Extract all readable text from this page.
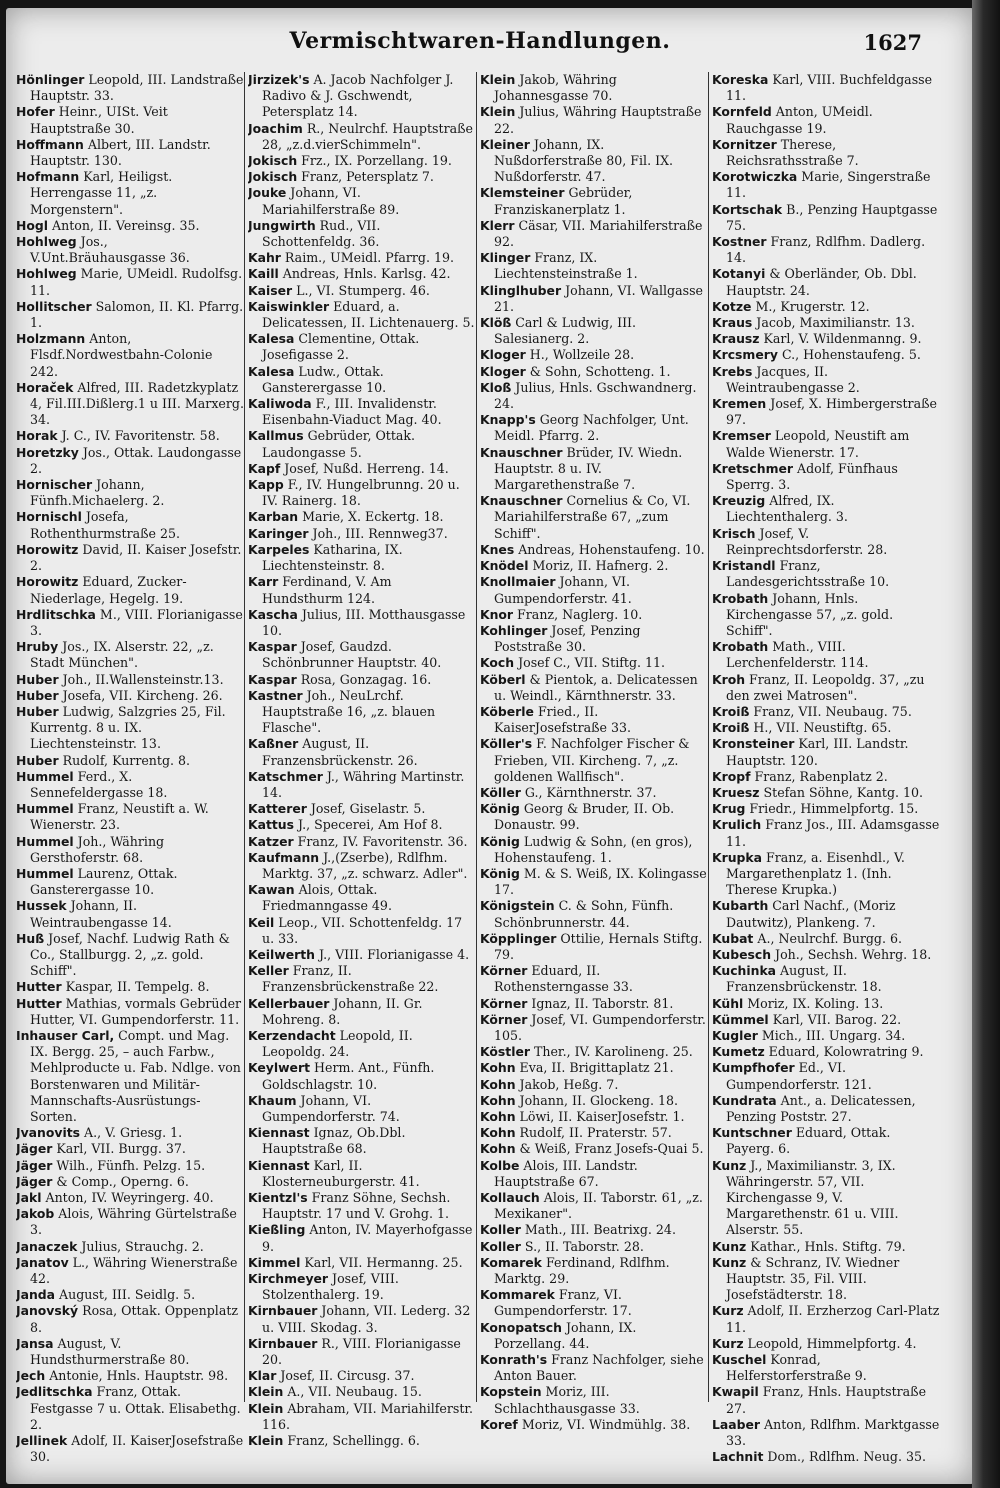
Vermischtwaren-Handlungen.	1627

Hönlinger Leopold, III. Landstraße Hauptstr. 33.

Hofer Heinr., UISt. Veit Hauptstraße 30.

Hoffmann Albert, III. Landstr. Hauptstr. 130.

Hofmann Karl, Heiligst. Herrengasse 11, „z. Morgenstern".

Hogl Anton, II. Vereinsg. 35.

Hohlweg Jos., V.Unt.Bräuhausgasse 36.

Hohlweg Marie, UMeidl. Rudolfsg. 11.

Hollitscher Salomon, II. Kl. Pfarrg. 1.

Holzmann Anton, Flsdf.Nordwestbahn-Colonie 242.

Horaček Alfred, III. Radetzkyplatz 4, Fil.III.Dißlerg.1 u III. Marxerg. 34.

Horak J. C., IV. Favoritenstr. 58.

Horetzky Jos., Ottak. Laudongasse 2.

Hornischer Johann, Fünfh.Michaelerg. 2.

Hornischl Josefa, Rothenthurmstraße 25.

Horowitz David, II. Kaiser Josefstr. 2.

Horowitz Eduard, Zucker-Niederlage, Hegelg. 19.

Hrdlitschka M., VIII. Florianigasse 3.

Hruby Jos., IX. Alserstr. 22, „z. Stadt München".

Huber Joh., II.Wallensteinstr.13.

Huber Josefa, VII. Kircheng. 26.

Huber Ludwig, Salzgries 25, Fil. Kurrentg. 8 u. IX. Liechtensteinstr. 13.

Huber Rudolf, Kurrentg. 8.

Hummel Ferd., X. Sennefeldergasse 18.

Hummel Franz, Neustift a. W. Wienerstr. 23.

Hummel Joh., Währing Gersthoferstr. 68.

Hummel Laurenz, Ottak. Gansterergasse 10.

Hussek Johann, II. Weintraubengasse 14.

Huß Josef, Nachf. Ludwig Rath & Co., Stallburgg. 2, „z. gold. Schiff".

Hutter Kaspar, II. Tempelg. 8.

Hutter Mathias, vormals Gebrüder Hutter, VI. Gumpendorferstr. 11.

Inhauser Carl, Compt. und Mag. IX. Bergg. 25, – auch Farbw., Mehlproducte u. Fab. Ndlge. von Borstenwaren und Militär-Mannschafts-Ausrüstungs-Sorten.

Jvanovits A., V. Griesg. 1.

Jäger Karl, VII. Burgg. 37.

Jäger Wilh., Fünfh. Pelzg. 15.

Jäger & Comp., Operng. 6.

Jakl Anton, IV. Weyringerg. 40.

Jakob Alois, Währing Gürtelstraße 3.

Janaczek Julius, Strauchg. 2.

Janatov L., Währing Wienerstraße 42.

Janda August, III. Seidlg. 5.

Janovský Rosa, Ottak. Oppenplatz 8.

Jansa August, V. Hundsthurmerstraße 80.

Jech Antonie, Hnls. Hauptstr. 98.

Jedlitschka Franz, Ottak. Festgasse 7 u. Ottak. Elisabethg. 2.

Jellinek Adolf, II. KaiserJosefstraße 30.

Jirzizek's A. Jacob Nachfolger J. Radivo & J. Gschwendt, Petersplatz 14.

Joachim R., Neulrchf. Hauptstraße 28, „z.d.vierSchimmeln".

Jokisch Frz., IX. Porzellang. 19.

Jokisch Franz, Petersplatz 7.

Jouke Johann, VI. Mariahilferstraße 89.

Jungwirth Rud., VII. Schottenfeldg. 36.

Kahr Raim., UMeidl. Pfarrg. 19.

Kaill Andreas, Hnls. Karlsg. 42.

Kaiser L., VI. Stumperg. 46.

Kaiswinkler Eduard, a. Delicatessen, II. Lichtenauerg. 5.

Kalesa Clementine, Ottak. Josefigasse 2.

Kalesa Ludw., Ottak. Gansterergasse 10.

Kaliwoda F., III. Invalidenstr. Eisenbahn-Viaduct Mag. 40.

Kallmus Gebrüder, Ottak. Laudongasse 5.

Kapf Josef, Nußd. Herreng. 14.

Kapp F., IV. Hungelbrunng. 20 u. IV. Rainerg. 18.

Karban Marie, X. Eckertg. 18.

Karinger Joh., III. Rennweg37.

Karpeles Katharina, IX. Liechtensteinstr. 8.

Karr Ferdinand, V. Am Hundsthurm 124.

Kascha Julius, III. Motthausgasse 10.

Kaspar Josef, Gaudzd. Schönbrunner Hauptstr. 40.

Kaspar Rosa, Gonzagag. 16.

Kastner Joh., NeuLrchf. Hauptstraße 16, „z. blauen Flasche".

Kaßner August, II. Franzensbrückenstr. 26.

Katschmer J., Währing Martinstr. 14.

Katterer Josef, Giselastr. 5.

Kattus J., Specerei, Am Hof 8.

Katzer Franz, IV. Favoritenstr. 36.

Kaufmann J.,(Zserbe), Rdlfhm. Marktg. 37, „z. schwarz. Adler".

Kawan Alois, Ottak. Friedmanngasse 49.

Keil Leop., VII. Schottenfeldg. 17 u. 33.

Keilwerth J., VIII. Florianigasse 4.

Keller Franz, II. Franzensbrückenstraße 22.

Kellerbauer Johann, II. Gr. Mohreng. 8.

Kerzendacht Leopold, II. Leopoldg. 24.

Keylwert Herm. Ant., Fünfh. Goldschlagstr. 10.

Khaum Johann, VI. Gumpendorferstr. 74.

Kiennast Ignaz, Ob.Dbl. Hauptstraße 68.

Kiennast Karl, II. Klosterneuburgerstr. 41.

Kientzl's Franz Söhne, Sechsh. Hauptstr. 17 und V. Grohg. 1.

Kießling Anton, IV. Mayerhofgasse 9.

Kimmel Karl, VII. Hermanng. 25.

Kirchmeyer Josef, VIII. Stolzenthalerg. 19.

Kirnbauer Johann, VII. Lederg. 32 u. VIII. Skodag. 3.

Kirnbauer R., VIII. Florianigasse 20.

Klar Josef, II. Circusg. 37.

Klein A., VII. Neubaug. 15.

Klein Abraham, VII. Mariahilferstr. 116.

Klein Franz, Schellingg. 6.

Klein Jakob, Währing Johannesgasse 70.

Klein Julius, Währing Hauptstraße 22.

Kleiner Johann, IX. Nußdorferstraße 80, Fil. IX. Nußdorferstr. 47.

Klemsteiner Gebrüder, Franziskanerplatz 1.

Klerr Cäsar, VII. Mariahilferstraße 92.

Klinger Franz, IX. Liechtensteinstraße 1.

Klinglhuber Johann, VI. Wallgasse 21.

Klöß Carl & Ludwig, III. Salesianerg. 2.

Kloger H., Wollzeile 28.

Kloger & Sohn, Schotteng. 1.

Kloß Julius, Hnls. Gschwandnerg. 24.

Knapp's Georg Nachfolger, Unt. Meidl. Pfarrg. 2.

Knauschner Brüder, IV. Wiedn. Hauptstr. 8 u. IV. Margarethenstraße 7.

Knauschner Cornelius & Co, VI. Mariahilferstraße 67, „zum Schiff".

Knes Andreas, Hohenstaufeng. 10.

Knödel Moriz, II. Hafnerg. 2.

Knollmaier Johann, VI. Gumpendorferstr. 41.

Knor Franz, Naglerg. 10.

Kohlinger Josef, Penzing Poststraße 30.

Koch Josef C., VII. Stiftg. 11.

Köberl & Pientok, a. Delicatessen u. Weindl., Kärnthnerstr. 33.

Köberle Fried., II. KaiserJosefstraße 33.

Köller's F. Nachfolger Fischer & Frieben, VII. Kircheng. 7, „z. goldenen Wallfisch".

Köller G., Kärnthnerstr. 37.

König Georg & Bruder, II. Ob. Donaustr. 99.

König Ludwig & Sohn, (en gros), Hohenstaufeng. 1.

König M. & S. Weiß, IX. Kolingasse 17.

Königstein C. & Sohn, Fünfh. Schönbrunnerstr. 44.

Köpplinger Ottilie, Hernals Stiftg. 79.

Körner Eduard, II. Rothensterngasse 33.

Körner Ignaz, II. Taborstr. 81.

Körner Josef, VI. Gumpendorferstr. 105.

Köstler Ther., IV. Karolineng. 25.

Kohn Eva, II. Brigittaplatz 21.

Kohn Jakob, Heßg. 7.

Kohn Johann, II. Glockeng. 18.

Kohn Löwi, II. KaiserJosefstr. 1.

Kohn Rudolf, II. Praterstr. 57.

Kohn & Weiß, Franz Josefs-Quai 5.

Kolbe Alois, III. Landstr. Hauptstraße 67.

Kollauch Alois, II. Taborstr. 61, „z. Mexikaner".

Koller Math., III. Beatrixg. 24.

Koller S., II. Taborstr. 28.

Komarek Ferdinand, Rdlfhm. Marktg. 29.

Kommarek Franz, VI. Gumpendorferstr. 17.

Konopatsch Johann, IX. Porzellang. 44.

Konrath's Franz Nachfolger, siehe Anton Bauer.

Kopstein Moriz, III. Schlachthausgasse 33.

Koref Moriz, VI. Windmühlg. 38.

Koreska Karl, VIII. Buchfeldgasse 11.

Kornfeld Anton, UMeidl. Rauchgasse 19.

Kornitzer Therese, Reichsrathsstraße 7.

Korotwiczka Marie, Singerstraße 11.

Kortschak B., Penzing Hauptgasse 75.

Kostner Franz, Rdlfhm. Dadlerg. 14.

Kotanyi & Oberländer, Ob. Dbl. Hauptstr. 24.

Kotze M., Krugerstr. 12.

Kraus Jacob, Maximilianstr. 13.

Krausz Karl, V. Wildenmanng. 9.

Krcsmery C., Hohenstaufeng. 5.

Krebs Jacques, II. Weintraubengasse 2.

Kremen Josef, X. Himbergerstraße 97.

Kremser Leopold, Neustift am Walde Wienerstr. 17.

Kretschmer Adolf, Fünfhaus Sperrg. 3.

Kreuzig Alfred, IX. Liechtenthalerg. 3.

Krisch Josef, V. Reinprechtsdorferstr. 28.

Kristandl Franz, Landesgerichtsstraße 10.

Krobath Johann, Hnls. Kirchengasse 57, „z. gold. Schiff".

Krobath Math., VIII. Lerchenfelderstr. 114.

Kroh Franz, II. Leopoldg. 37, „zu den zwei Matrosen".

Kroiß Franz, VII. Neubaug. 75.

Kroiß H., VII. Neustiftg. 65.

Kronsteiner Karl, III. Landstr. Hauptstr. 120.

Kropf Franz, Rabenplatz 2.

Kruesz Stefan Söhne, Kantg. 10.

Krug Friedr., Himmelpfortg. 15.

Krulich Franz Jos., III. Adamsgasse 11.

Krupka Franz, a. Eisenhdl., V. Margarethenplatz 1. (Inh. Therese Krupka.)

Kubarth Carl Nachf., (Moriz Dautwitz), Plankeng. 7.

Kubat A., Neulrchf. Burgg. 6.

Kubesch Joh., Sechsh. Wehrg. 18.

Kuchinka August, II. Franzensbrückenstr. 18.

Kühl Moriz, IX. Koling. 13.

Kümmel Karl, VII. Barog. 22.

Kugler Mich., III. Ungarg. 34.

Kumetz Eduard, Kolowratring 9.

Kumpfhofer Ed., VI. Gumpendorferstr. 121.

Kundrata Ant., a. Delicatessen, Penzing Poststr. 27.

Kuntschner Eduard, Ottak. Payerg. 6.

Kunz J., Maximilianstr. 3, IX. Währingerstr. 57, VII. Kirchengasse 9, V. Margarethenstr. 61 u. VIII. Alserstr. 55.

Kunz Kathar., Hnls. Stiftg. 79.

Kunz & Schranz, IV. Wiedner Hauptstr. 35, Fil. VIII. Josefstädterstr. 18.

Kurz Adolf, II. Erzherzog Carl-Platz 11.

Kurz Leopold, Himmelpfortg. 4.

Kuschel Konrad, Helferstorferstraße 9.

Kwapil Franz, Hnls. Hauptstraße 27.

Laaber Anton, Rdlfhm. Marktgasse 33.

Lachnit Dom., Rdlfhm. Neug. 35.
